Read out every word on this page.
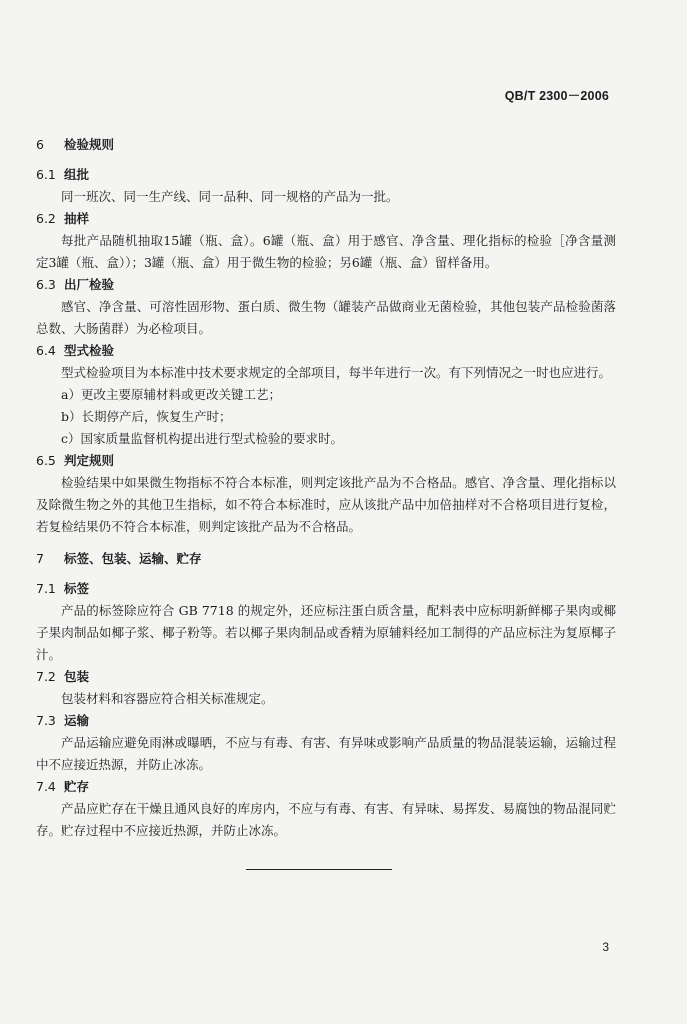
QB/T 2300－2006
6 检验规则
6.1 组批

同一班次、同一生产线、同一品种、同一规格的产品为一批。

6.2 抽样

每批产品随机抽取15罐（瓶、盒）。6罐（瓶、盒）用于感官、净含量、理化指标的检验［净含量测定3罐（瓶、盒））；3罐（瓶、盒）用于微生物的检验；另6罐（瓶、盒）留样备用。

6.3 出厂检验

感官、净含量、可溶性固形物、蛋白质、微生物（罐装产品做商业无菌检验，其他包装产品检验菌落总数、大肠菌群）为必检项目。

6.4 型式检验

型式检验项目为本标准中技术要求规定的全部项目，每半年进行一次。有下列情况之一时也应进行。

a）更改主要原辅材料或更改关键工艺；

b）长期停产后，恢复生产时；

c）国家质量监督机构提出进行型式检验的要求时。

6.5 判定规则

检验结果中如果微生物指标不符合本标准，则判定该批产品为不合格品。感官、净含量、理化指标以及除微生物之外的其他卫生指标，如不符合本标准时，应从该批产品中加倍抽样对不合格项目进行复检，若复检结果仍不符合本标准，则判定该批产品为不合格品。

7 标签、包装、运输、贮存
7.1 标签

产品的标签除应符合 GB 7718 的规定外，还应标注蛋白质含量，配料表中应标明新鲜椰子果肉或椰子果肉制品如椰子浆、椰子粉等。若以椰子果肉制品或香精为原辅料经加工制得的产品应标注为复原椰子汁。

7.2 包装

包装材料和容器应符合相关标准规定。

7.3 运输

产品运输应避免雨淋或曝晒，不应与有毒、有害、有异味或影响产品质量的物品混装运输，运输过程中不应接近热源，并防止冰冻。

7.4 贮存

产品应贮存在干燥且通风良好的库房内，不应与有毒、有害、有异味、易挥发、易腐蚀的物品混同贮存。贮存过程中不应接近热源，并防止冰冻。

3
